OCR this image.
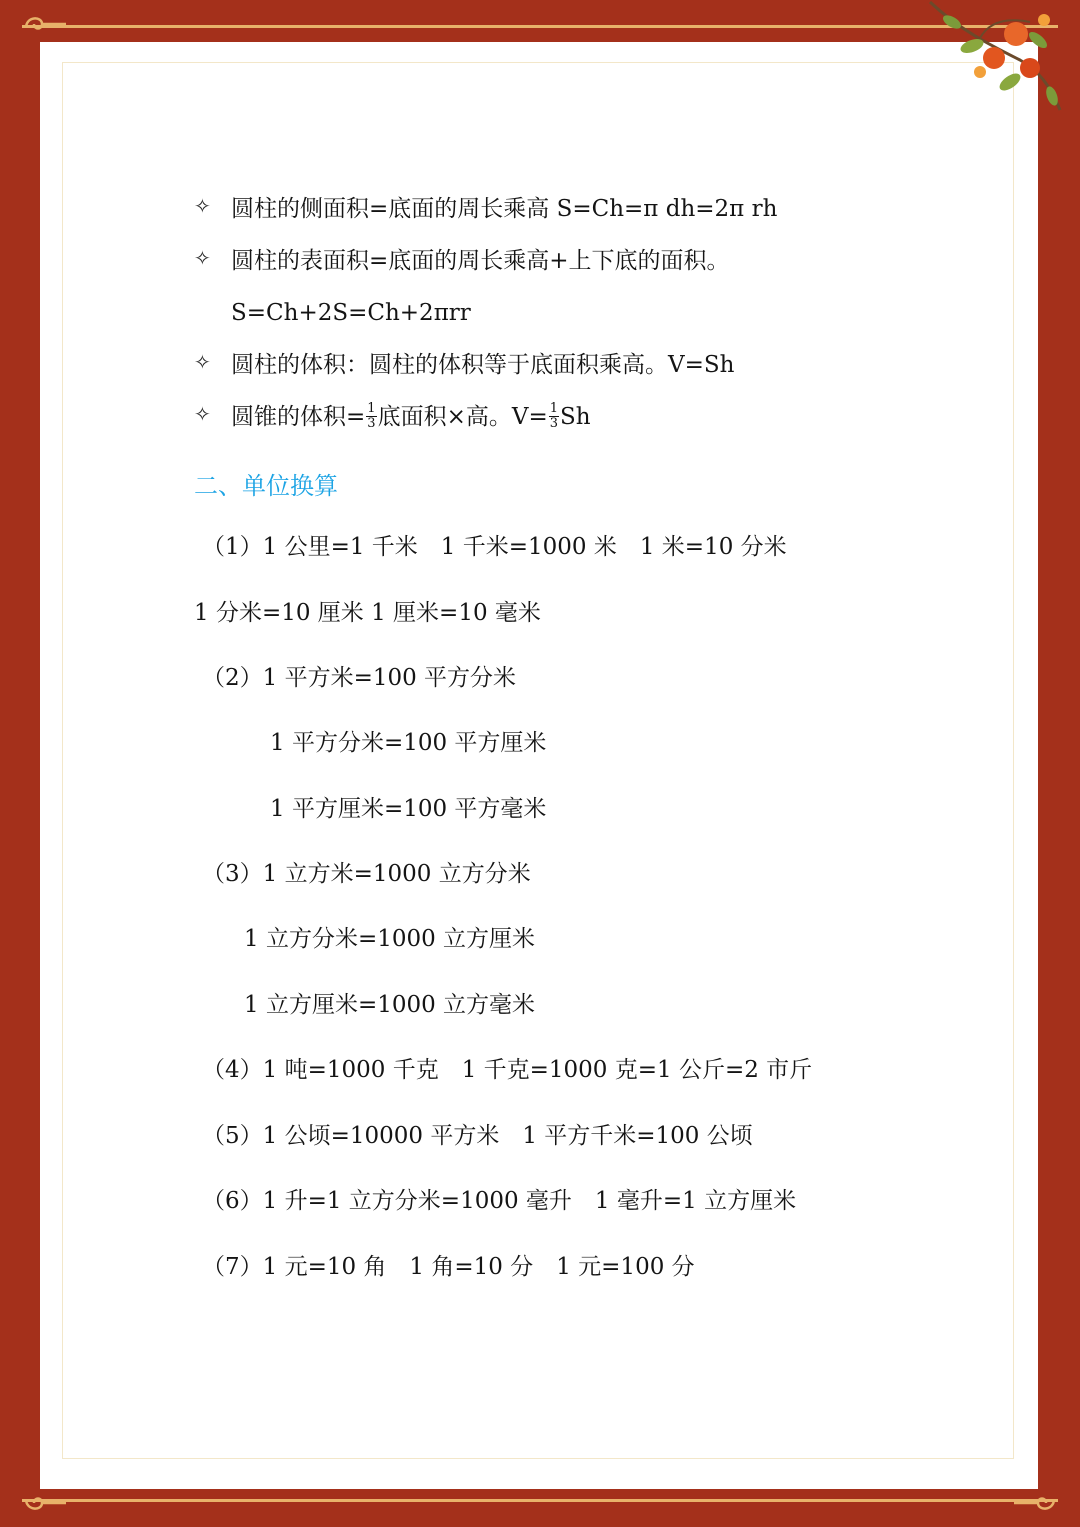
✧ 圆柱的侧面积=底面的周长乘高 S=Ch=π dh=2π rh
✧ 圆柱的表面积=底面的周长乘高+上下底的面积。
S=Ch+2S=Ch+2πrr
✧ 圆柱的体积：圆柱的体积等于底面积乘高。V=Sh
✧ 圆锥的体积= $\frac{1}{3}$ 底面积×高。$V= \frac{1}{3}$ Sh
二、单位换算
（1）1 公里=1 千米　1 千米=1000 米　1 米=10 分米
1 分米=10 厘米 1 厘米=10 毫米
（2）1 平方米=100 平方分米
1 平方分米=100 平方厘米
1 平方厘米=100 平方毫米
（3）1 立方米=1000 立方分米
1 立方分米=1000 立方厘米
1 立方厘米=1000 立方毫米
（4）1 吨=1000 千克　1 千克=1000 克=1 公斤=2 市斤
（5）1 公顷=10000 平方米　1 平方千米=100 公顷
（6）1 升=1 立方分米=1000 毫升　1 毫升=1 立方厘米
（7）1 元=10 角　1 角=10 分　1 元=100 分
